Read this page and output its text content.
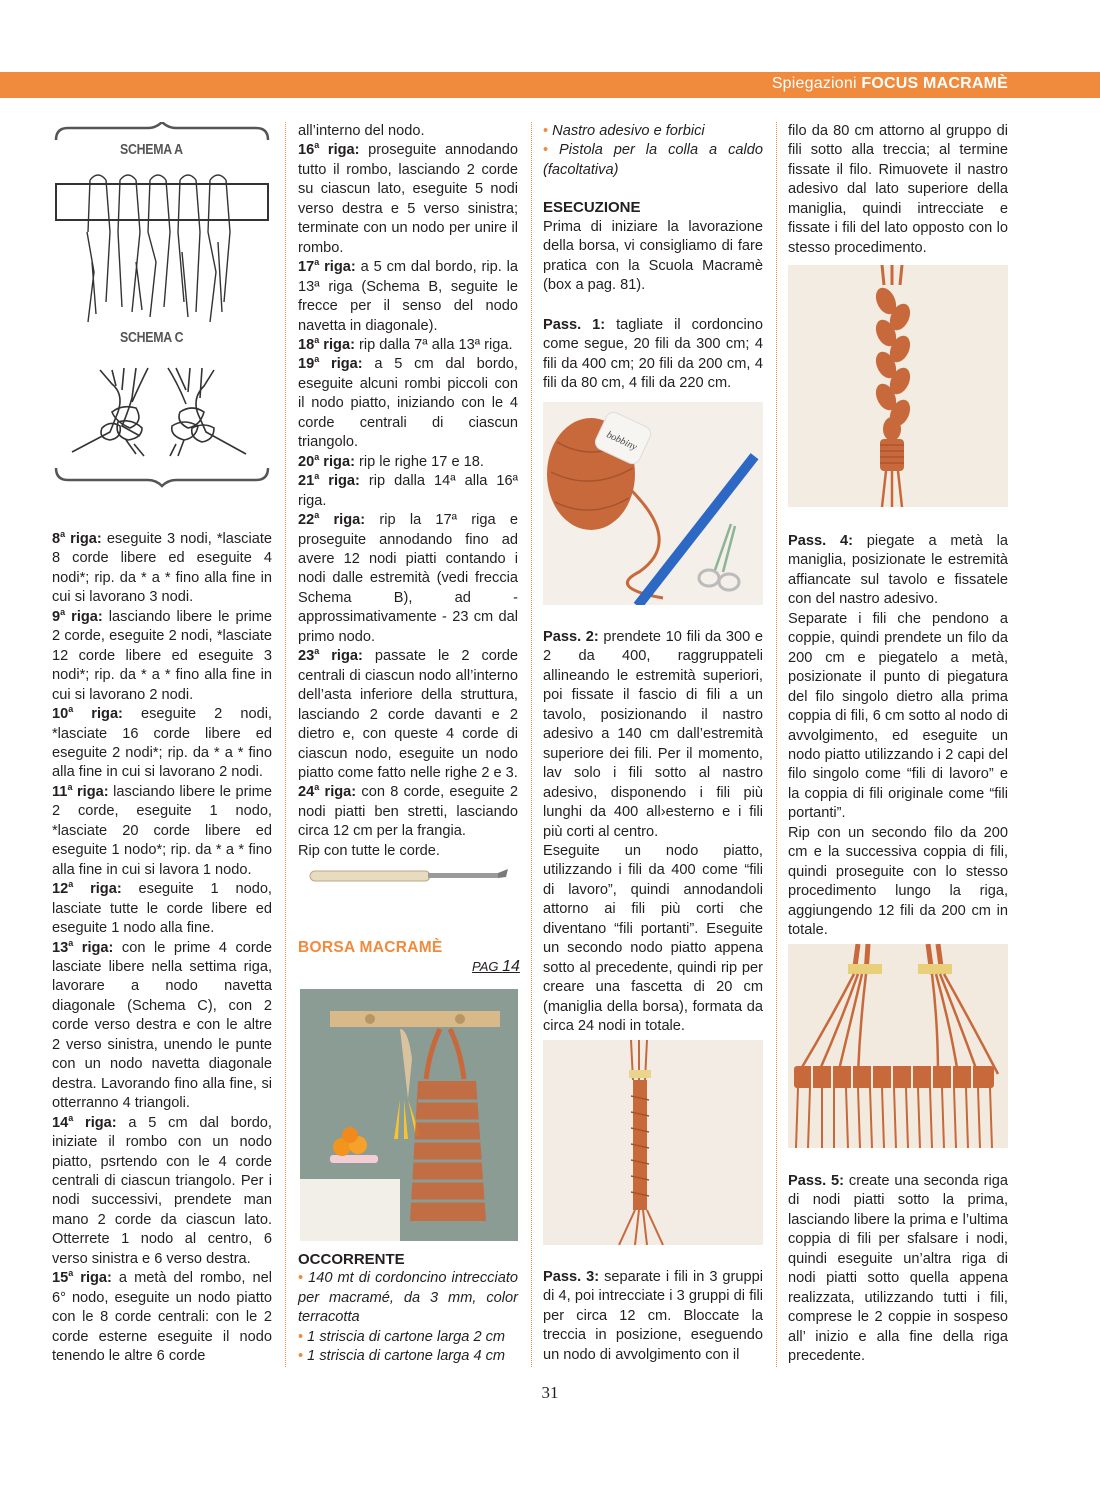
Spiegazioni FOCUS MACRAMÈ
SCHEMA A
SCHEMA C

8$^a$ riga: eseguite 3 nodi, *lasciate 8 corde libere ed eseguite 4 nodi*; rip. da * a * fino alla fine in cui si lavorano 3 nodi.

9$^a$ riga: lasciando libere le prime 2 corde, eseguite 2 nodi, *lasciate 12 corde libere ed eseguite 3 nodi*; rip. da * a * fino alla fine in cui si lavorano 2 nodi.

10$^a$ riga: eseguite 2 nodi, *lasciate 16 corde libere ed eseguite 2 nodi*; rip. da * a * fino alla fine in cui si lavorano 2 nodi.

11$^a$ riga: lasciando libere le prime 2 corde, eseguite 1 nodo, *lasciate 20 corde libere ed eseguite 1 nodo*; rip. da * a * fino alla fine in cui si lavora 1 nodo.

12$^a$ riga: eseguite 1 nodo, lasciate tutte le corde libere ed eseguite 1 nodo alla fine.

13$^a$ riga: con le prime 4 corde lasciate libere nella settima riga, lavorare a nodo navetta diagonale (Schema C), con 2 corde verso destra e con le altre 2 verso sinistra, unendo le punte con un nodo navetta diagonale destra. Lavorando fino alla fine, si otterranno 4 triangoli.

14$^a$ riga: a 5 cm dal bordo, iniziate il rombo con un nodo piatto, psrtendo con le 4 corde centrali di ciascun triangolo. Per i nodi successivi, prendete man mano 2 corde da ciascun lato. Otterrete 1 nodo al centro, 6 verso sinistra e 6 verso destra.

15$^a$ riga: a metà del rombo, nel 6° nodo, eseguite un nodo piatto con le 8 corde centrali: con le 2 corde esterne eseguite il nodo tenendo le altre 6 corde

all’interno del nodo.

16$^a$ riga: proseguite annodando tutto il rombo, lasciando 2 corde su ciascun lato, eseguite 5 nodi verso destra e 5 verso sinistra; terminate con un nodo per unire il rombo.

17$^a$ riga: a 5 cm dal bordo, rip. la 13ª riga (Schema B, seguite le frecce per il senso del nodo navetta in diagonale).

18$^a$ riga: rip dalla 7ª alla 13ª riga.

19$^a$ riga: a 5 cm dal bordo, eseguite alcuni rombi piccoli con il nodo piatto, iniziando con le 4 corde centrali di ciascun triangolo.

20$^a$ riga: rip le righe 17 e 18.

21$^a$ riga: rip dalla 14ª alla 16ª riga.

22$^a$ riga: rip la 17ª riga e proseguite annodando fino ad avere 12 nodi piatti contando i nodi dalle estremità (vedi freccia Schema B), ad -approssimativamente - 23 cm dal primo nodo.

23$^a$ riga: passate le 2 corde centrali di ciascun nodo all’interno dell’asta inferiore della struttura, lasciando 2 corde davanti e 2 dietro e, con queste 4 corde di ciascun nodo, eseguite un nodo piatto come fatto nelle righe 2 e 3.

24$^a$ riga: con 8 corde, eseguite 2 nodi piatti ben stretti, lasciando circa 12 cm per la frangia.

Rip con tutte le corde.

BORSA MACRAMÈ

PAG 14

OCCORRENTE

• 140 mt di cordoncino intrecciato per macramé, da 3 mm, color terracotta

• 1 striscia di cartone larga 2 cm

• 1 striscia di cartone larga 4 cm

• Nastro adesivo e forbici

• Pistola per la colla a caldo (facoltativa)

ESECUZIONE

Prima di iniziare la lavorazione della borsa, vi consigliamo di fare pratica con la Scuola Macramè (box a pag. 81).

Pass. 1: tagliate il cordoncino come segue, 20 fili da 300 cm; 4 fili da 400 cm; 20 fili da 200 cm, 4 fili da 80 cm, 4 fili da 220 cm.

bobbiny

Pass. 2: prendete 10 fili da 300 e 2 da 400, raggruppateli allineando le estremità superiori, poi fissate il fascio di fili a un tavolo, posizionando il nastro adesivo a 140 cm dall’estremità superiore dei fili. Per il momento, lav solo i fili sotto al nastro adesivo, disponendo i fili più lunghi da 400 all›esterno e i fili più corti al centro.

Eseguite un nodo piatto, utilizzando i fili da 400 come “fili di lavoro”, quindi annodandoli attorno ai fili più corti che diventano “fili portanti”. Eseguite un secondo nodo piatto appena sotto al precedente, quindi rip per creare una fascetta di 20 cm (maniglia della borsa), formata da circa 24 nodi in totale.

Pass. 3: separate i fili in 3 gruppi di 4, poi intrecciate i 3 gruppi di fili per circa 12 cm. Bloccate la treccia in posizione, eseguendo un nodo di avvolgimento con il

filo da 80 cm attorno al gruppo di fili sotto alla treccia; al termine fissate il filo. Rimuovete il nastro adesivo dal lato superiore della maniglia, quindi intrecciate e fissate i fili del lato opposto con lo stesso procedimento.

Pass. 4: piegate a metà la maniglia, posizionate le estremità affiancate sul tavolo e fissatele con del nastro adesivo.

Separate i fili che pendono a coppie, quindi prendete un filo da 200 cm e piegatelo a metà, posizionate il punto di piegatura del filo singolo dietro alla prima coppia di fili, 6 cm sotto al nodo di avvolgimento, ed eseguite un nodo piatto utilizzando i 2 capi del filo singolo come “fili di lavoro” e la coppia di fili originale come “fili portanti”.

Rip con un secondo filo da 200 cm e la successiva coppia di fili, quindi proseguite con lo stesso procedimento lungo la riga, aggiungendo 12 fili da 200 cm in totale.

Pass. 5: create una seconda riga di nodi piatti sotto la prima, lasciando libere la prima e l’ultima coppia di fili per sfalsare i nodi, quindi eseguite un’altra riga di nodi piatti sotto quella appena realizzata, utilizzando tutti i fili, comprese le 2 coppie in sospeso all’ inizio e alla fine della riga precedente.

31
